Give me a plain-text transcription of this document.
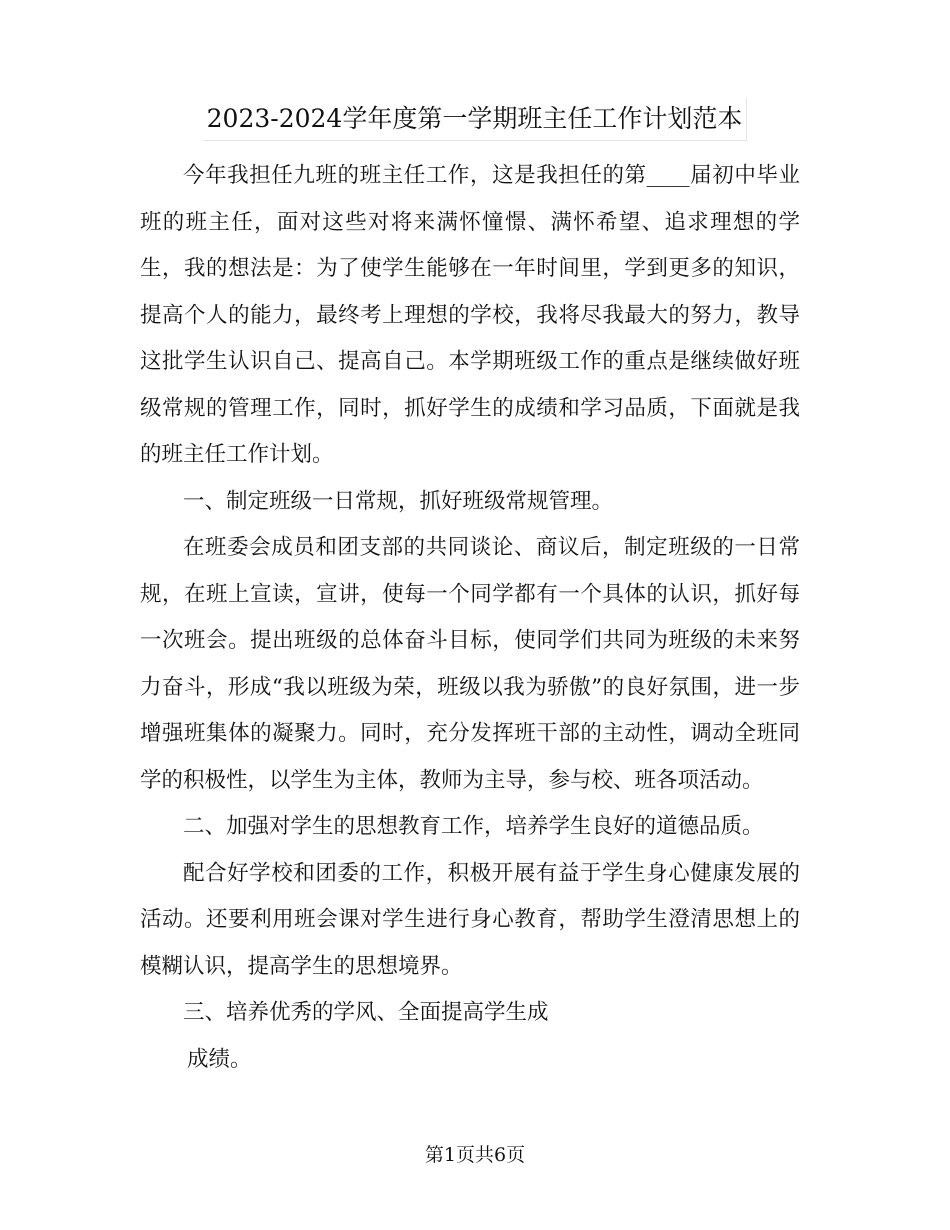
2023-2024学年度第一学期班主任工作计划范本

今年我担任九班的班主任工作，这是我担任的第____届初中毕业班的班主任，面对这些对将来满怀憧憬、满怀希望、追求理想的学生，我的想法是：为了使学生能够在一年时间里，学到更多的知识，提高个人的能力，最终考上理想的学校，我将尽我最大的努力，教导这批学生认识自己、提高自己。本学期班级工作的重点是继续做好班级常规的管理工作，同时，抓好学生的成绩和学习品质，下面就是我的班主任工作计划。

一、制定班级一日常规，抓好班级常规管理。

在班委会成员和团支部的共同谈论、商议后，制定班级的一日常规，在班上宣读，宣讲，使每一个同学都有一个具体的认识，抓好每一次班会。提出班级的总体奋斗目标，使同学们共同为班级的未来努力奋斗，形成“我以班级为荣，班级以我为骄傲”的良好氛围，进一步增强班集体的凝聚力。同时，充分发挥班干部的主动性，调动全班同学的积极性，以学生为主体，教师为主导，参与校、班各项活动。

二、加强对学生的思想教育工作，培养学生良好的道德品质。

配合好学校和团委的工作，积极开展有益于学生身心健康发展的活动。还要利用班会课对学生进行身心教育，帮助学生澄清思想上的模糊认识，提高学生的思想境界。

三、培养优秀的学风、全面提高学生成

成绩。

第1页共6页
